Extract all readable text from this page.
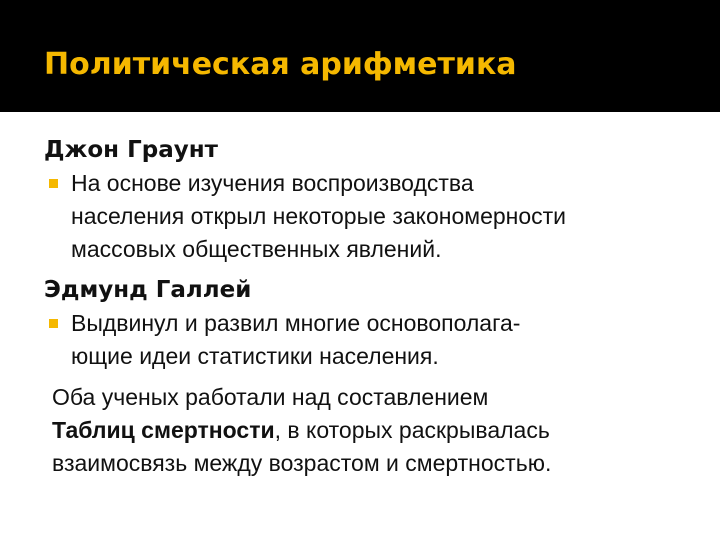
Политическая арифметика
Джон Граунт
На основе изучения воспроизводства
населения открыл некоторые закономерности
массовых общественных явлений.
Эдмунд Галлей
Выдвинул и развил многие основополага-
ющие идеи статистики населения.
Оба ученых работали над составлением
Таблиц смертности, в которых раскрывалась
взаимосвязь между возрастом и смертностью.
